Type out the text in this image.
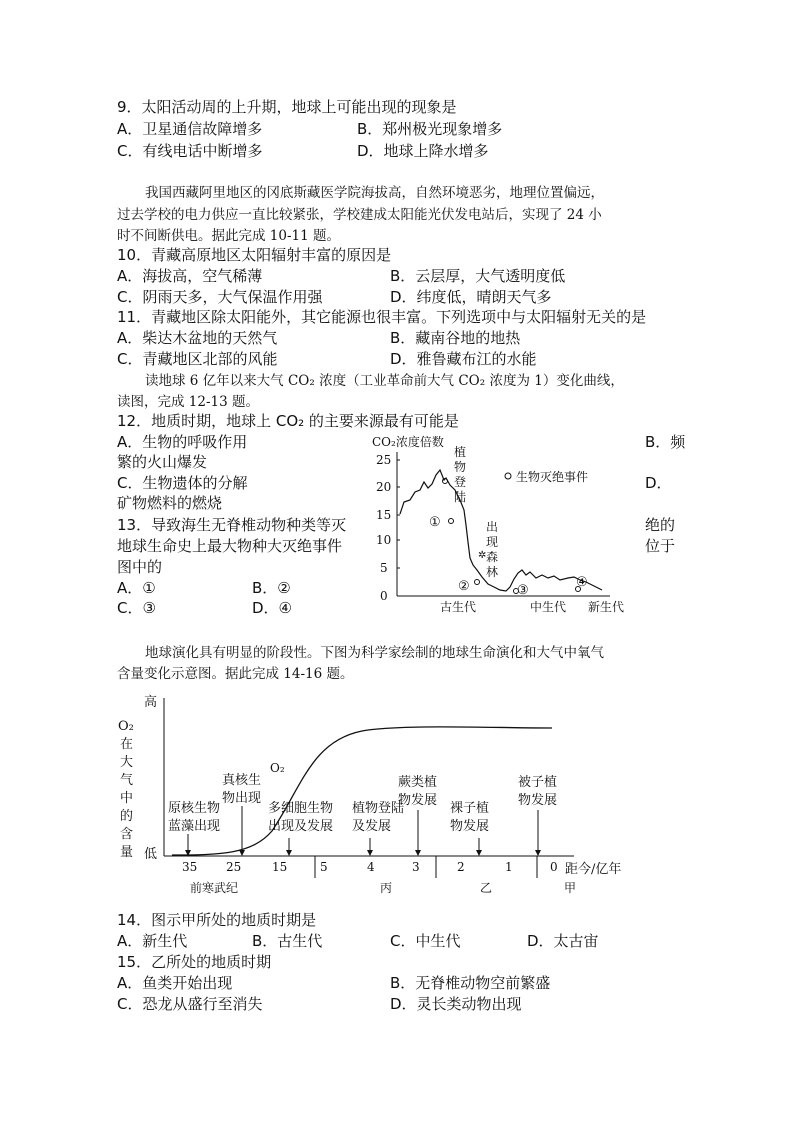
9．太阳活动周的上升期，地球上可能出现的现象是
A．卫星通信故障增多	B．郑州极光现象增多
C．有线电话中断增多	D．地球上降水增多
我国西藏阿里地区的冈底斯藏医学院海拔高，自然环境恶劣，地理位置偏远，
过去学校的电力供应一直比较紧张，学校建成太阳能光伏发电站后，实现了 24 小
时不间断供电。据此完成 10-11 题。
10．青藏高原地区太阳辐射丰富的原因是
A．海拔高，空气稀薄	B．云层厚，大气透明度低
C．阴雨天多，大气保温作用强	D．纬度低，晴朗天气多
11．青藏地区除太阳能外，其它能源也很丰富。下列选项中与太阳辐射无关的是
A．柴达木盆地的天然气	B．藏南谷地的地热
C．青藏地区北部的风能	D．雅鲁藏布江的水能
读地球 6 亿年以来大气 CO₂ 浓度（工业革命前大气 CO₂ 浓度为 1）变化曲线，
读图，完成 12-13 题。
12．地质时期，地球上 CO₂ 的主要来源最有可能是
A．生物的呼吸作用	B．频
繁的火山爆发
C．生物遗体的分解	D．
矿物燃料的燃烧
13．导致海生无脊椎动物种类等灭	绝的
地球生命史上最大物种大灭绝事件	位于
图中的
A．①	B．②
C．③	D．④
CO₂浓度倍数
25
20
15
10
5
0
①
②	③
④
植物登陆
出现森林
✲
生物灭绝事件
古生代	中生代 新生代
地球演化具有明显的阶段性。下图为科学家绘制的地球生命演化和大气中氧气
含量变化示意图。据此完成 14-16 题。
高
低
O₂ 在大气中的含量
O₂
35 25	15	5	4	3	2	1	0 距今/亿年
前寒武纪	丙	乙	甲
原核生物
蓝藻出现
真核生
物出现
多细胞生物
出现及发展
植物登陆
及发展
蕨类植
物发展
裸子植
物发展
被子植
物发展
14．图示甲所处的地质时期是
A．新生代	B．古生代	C．中生代	D．太古宙
15．乙所处的地质时期
A．鱼类开始出现	B．无脊椎动物空前繁盛
C．恐龙从盛行至消失	D．灵长类动物出现
